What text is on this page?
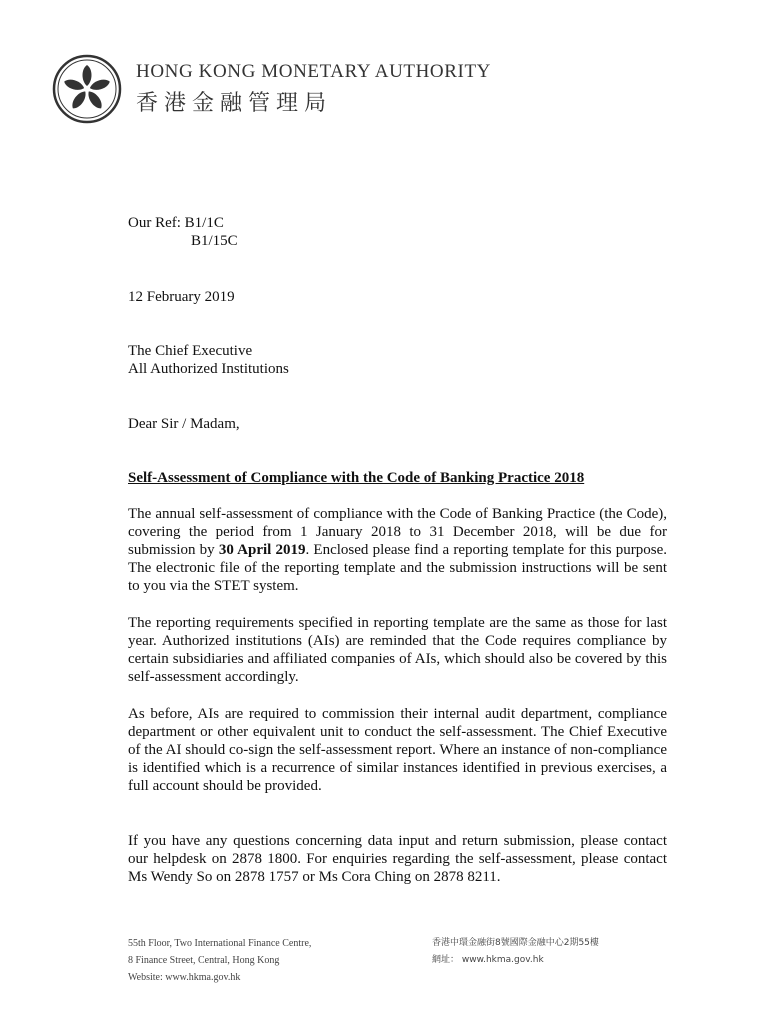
HONG KONG MONETARY AUTHORITY
香港金融管理局
Our Ref: B1/1C
B1/15C
12 February 2019
The Chief Executive
All Authorized Institutions
Dear Sir / Madam,
Self-Assessment of Compliance with the Code of Banking Practice 2018
The annual self-assessment of compliance with the Code of Banking Practice (the Code), covering the period from 1 January 2018 to 31 December 2018, will be due for submission by 30 April 2019. Enclosed please find a reporting template for this purpose. The electronic file of the reporting template and the submission instructions will be sent to you via the STET system.
The reporting requirements specified in reporting template are the same as those for last year. Authorized institutions (AIs) are reminded that the Code requires compliance by certain subsidiaries and affiliated companies of AIs, which should also be covered by this self-assessment accordingly.
As before, AIs are required to commission their internal audit department, compliance department or other equivalent unit to conduct the self-assessment. The Chief Executive of the AI should co-sign the self-assessment report. Where an instance of non-compliance is identified which is a recurrence of similar instances identified in previous exercises, a full account should be provided.
If you have any questions concerning data input and return submission, please contact our helpdesk on 2878 1800. For enquiries regarding the self-assessment, please contact Ms Wendy So on 2878 1757 or Ms Cora Ching on 2878 8211.
55th Floor, Two International Finance Centre,
8 Finance Street, Central, Hong Kong
Website: www.hkma.gov.hk
香港中環金融街8號國際金融中心2期55樓
網址： www.hkma.gov.hk
